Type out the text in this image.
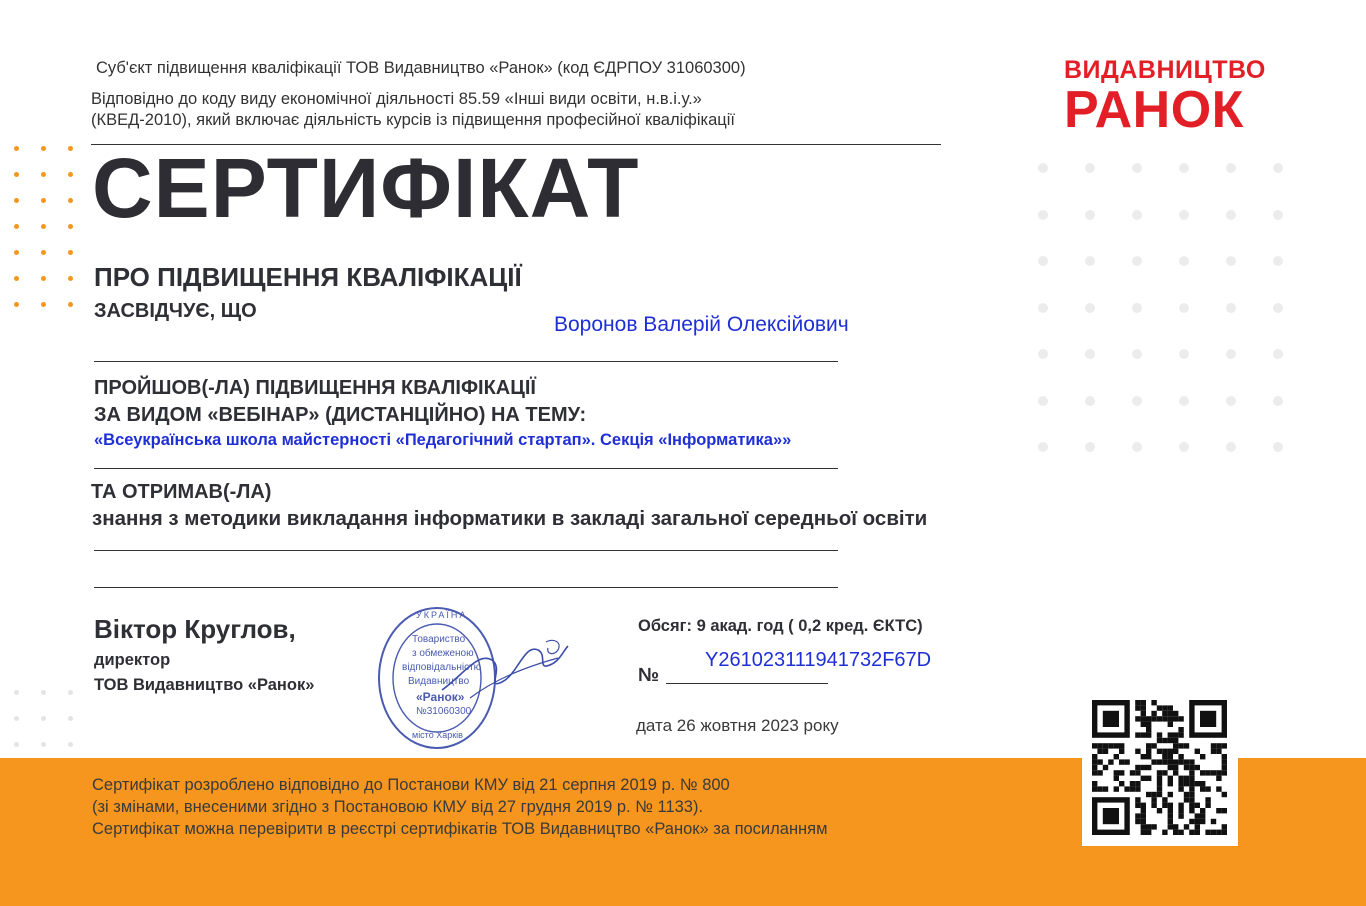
Суб'єкт підвищення кваліфікації ТОВ Видавництво «Ранок» (код ЄДРПОУ 31060300)
Відповідно до коду виду економічної діяльності 85.59 «Інші види освіти, н.в.і.у.»
(КВЕД-2010), який включає діяльність курсів із підвищення професійної кваліфікації
ВИДАВНИЦТВО
РАНОК
СЕРТИФІКАТ
ПРО ПІДВИЩЕННЯ КВАЛІФІКАЦІЇ
ЗАСВІДЧУЄ, ЩО
Воронов Валерій Олексійович
ПРОЙШОВ(-ЛА) ПІДВИЩЕННЯ КВАЛІФІКАЦІЇ
ЗА ВИДОМ «ВЕБІНАР» (ДИСТАНЦІЙНО) НА ТЕМУ:
«Всеукраїнська школа майстерності «Педагогічний стартап». Секція «Інформатика»»
ТА ОТРИМАВ(-ЛА)
знання з методики викладання інформатики в закладі загальної середньої освіти
Віктор Круглов,
директор
ТОВ Видавництво «Ранок»
УКРАЇНА
Товариство
з обмеженою
відповідальністю
Видавництво
«Ранок»
№31060300
місто Харків
Обсяг: 9 акад. год ( 0,2 кред. ЄКТС)
Y261023111941732F67D
№
дата 26 жовтня 2023 року
Сертифікат розроблено відповідно до Постанови КМУ від 21 серпня 2019 р. № 800
(зі змінами, внесеними згідно з Постановою КМУ від 27 грудня 2019 р. № 1133).
Сертифікат можна перевірити в реєстрі сертифікатів ТОВ Видавництво «Ранок» за посиланням
